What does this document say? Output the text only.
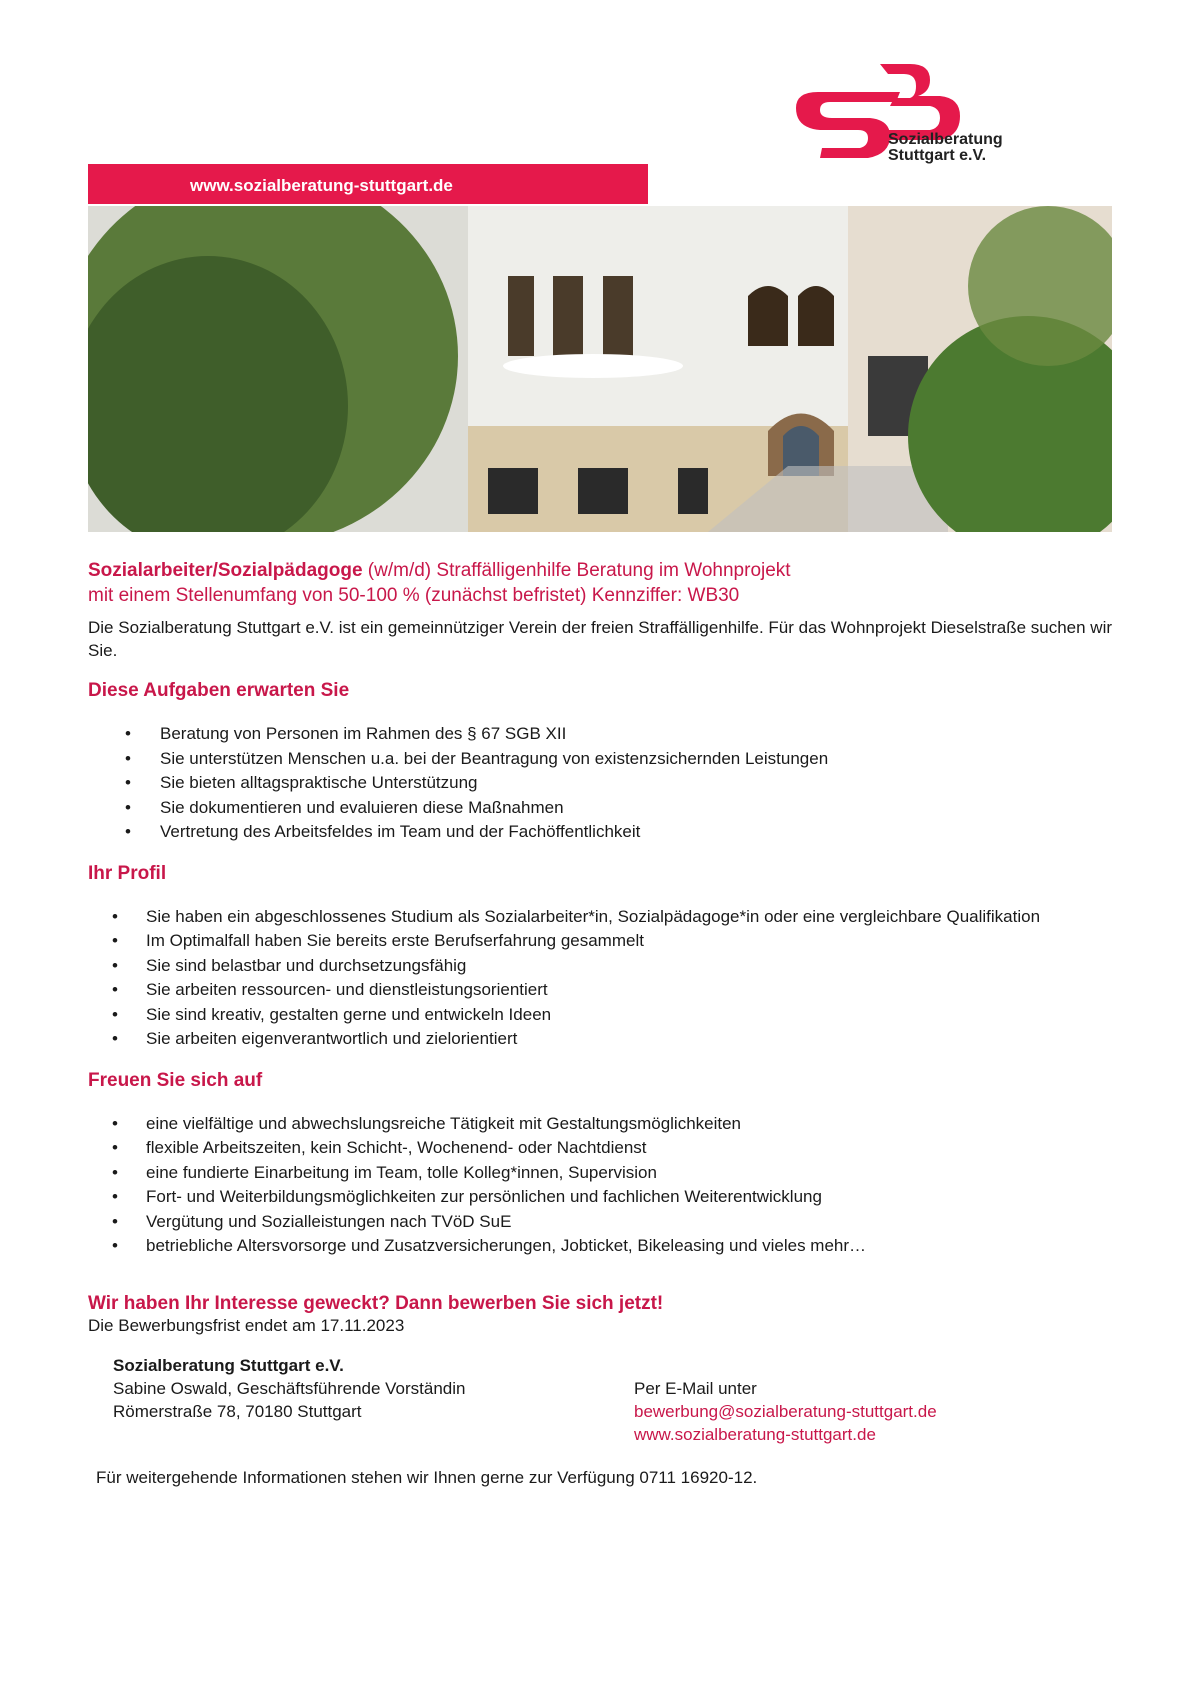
Sozialberatung
Stuttgart e.V.
www.sozialberatung-stuttgart.de
Sozialarbeiter/Sozialpädagoge (w/m/d) Straffälligenhilfe Beratung im Wohnprojekt
mit einem Stellenumfang von 50-100 % (zunächst befristet) Kennziffer: WB30

Die Sozialberatung Stuttgart e.V. ist ein gemeinnütziger Verein der freien Straffälligenhilfe. Für das Wohnprojekt Dieselstraße suchen wir Sie.

Diese Aufgaben erwarten Sie
• Beratung von Personen im Rahmen des § 67 SGB XII
• Sie unterstützen Menschen u.a. bei der Beantragung von existenzsichernden Leistungen
• Sie bieten alltagspraktische Unterstützung
• Sie dokumentieren und evaluieren diese Maßnahmen
• Vertretung des Arbeitsfeldes im Team und der Fachöffentlichkeit
Ihr Profil
• Sie haben ein abgeschlossenes Studium als Sozialarbeiter*in, Sozialpädagoge*in oder eine vergleichbare Qualifikation
• Im Optimalfall haben Sie bereits erste Berufserfahrung gesammelt
• Sie sind belastbar und durchsetzungsfähig
• Sie arbeiten ressourcen- und dienstleistungsorientiert
• Sie sind kreativ, gestalten gerne und entwickeln Ideen
• Sie arbeiten eigenverantwortlich und zielorientiert
Freuen Sie sich auf
• eine vielfältige und abwechslungsreiche Tätigkeit mit Gestaltungsmöglichkeiten
• flexible Arbeitszeiten, kein Schicht-, Wochenend- oder Nachtdienst
• eine fundierte Einarbeitung im Team, tolle Kolleg*innen, Supervision
• Fort- und Weiterbildungsmöglichkeiten zur persönlichen und fachlichen Weiterentwicklung
• Vergütung und Sozialleistungen nach TVöD SuE
• betriebliche Altersvorsorge und Zusatzversicherungen, Jobticket, Bikeleasing und vieles mehr…
Wir haben Ihr Interesse geweckt? Dann bewerben Sie sich jetzt!
Die Bewerbungsfrist endet am 17.11.2023
Sozialberatung Stuttgart e.V.
Sabine Oswald, Geschäftsführende Vorständin
Römerstraße 78, 70180 Stuttgart
Per E-Mail unter
bewerbung@sozialberatung-stuttgart.de
www.sozialberatung-stuttgart.de
Für weitergehende Informationen stehen wir Ihnen gerne zur Verfügung 0711 16920-12.
